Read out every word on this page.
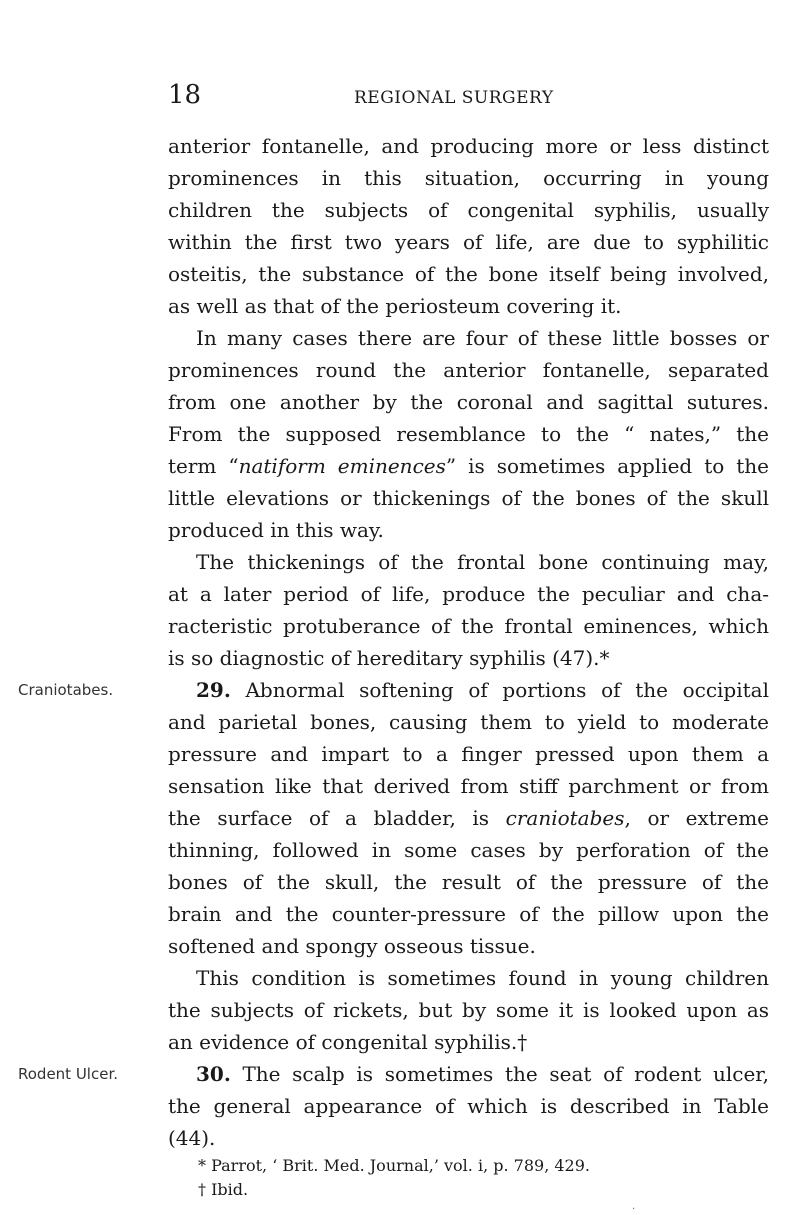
18	REGIONAL SURGERY
anterior fontanelle, and producing more or less distinct
prominences in this situation, occurring in young
children the subjects of congenital syphilis, usually
within the first two years of life, are due to syphilitic
osteitis, the substance of the bone itself being involved,
as well as that of the periosteum covering it.
In many cases there are four of these little bosses or
prominences round the anterior fontanelle, separated
from one another by the coronal and sagittal sutures.
From the supposed resemblance to the “ nates,” the
term “natiform eminences” is sometimes applied to the
little elevations or thickenings of the bones of the skull
produced in this way.
The thickenings of the frontal bone continuing may,
at a later period of life, produce the peculiar and cha-
racteristic protuberance of the frontal eminences, which
is so diagnostic of hereditary syphilis (47).*
Craniotabes.	29. Abnormal softening of portions of the occipital
and parietal bones, causing them to yield to moderate
pressure and impart to a finger pressed upon them a
sensation like that derived from stiff parchment or from
the surface of a bladder, is craniotabes, or extreme
thinning, followed in some cases by perforation of the
bones of the skull, the result of the pressure of the
brain and the counter-pressure of the pillow upon the
softened and spongy osseous tissue.
This condition is sometimes found in young children
the subjects of rickets, but by some it is looked upon as
an evidence of congenital syphilis.†
Rodent Ulcer.	30. The scalp is sometimes the seat of rodent ulcer,
the general appearance of which is described in Table
(44).
* Parrot, ‘ Brit. Med. Journal,’ vol. i, p. 789, 429.
† Ibid.
·
